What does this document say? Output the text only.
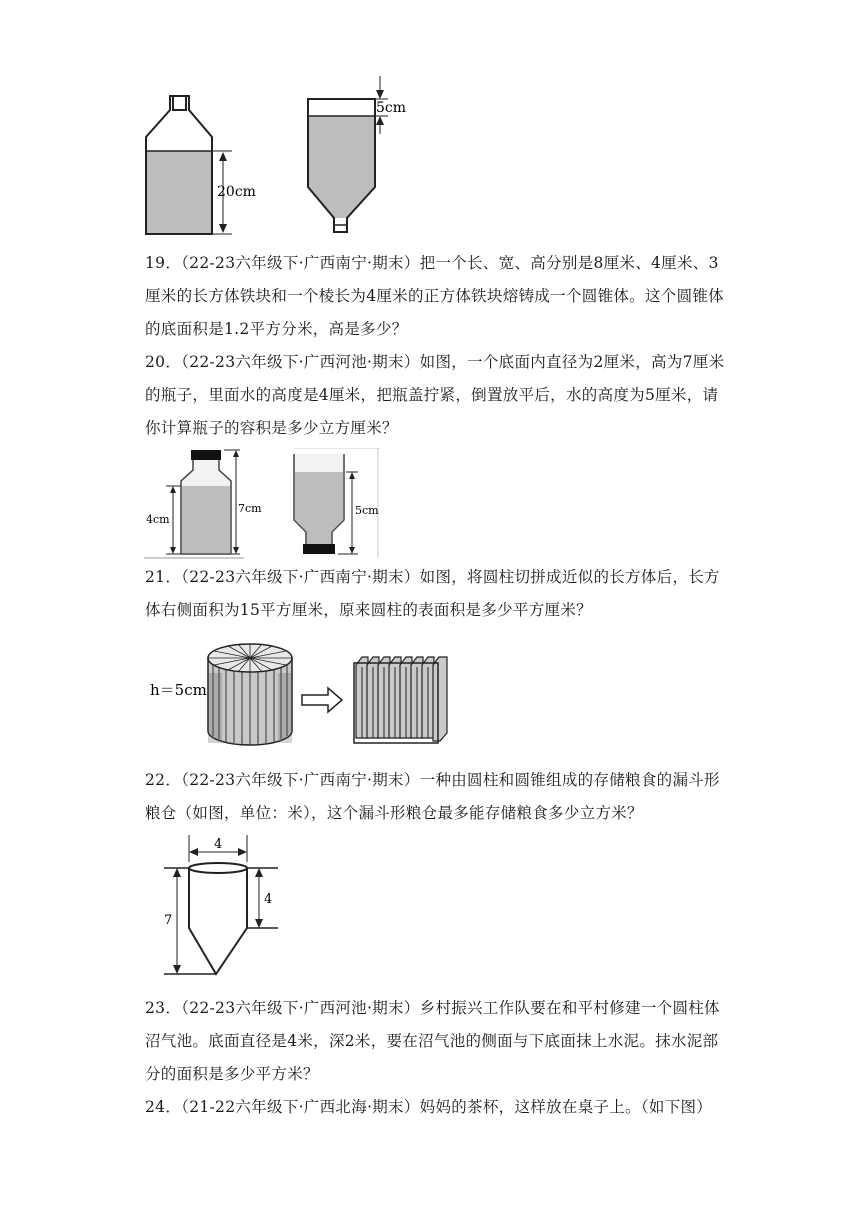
20cm
5cm

19．（22-23六年级下·广西南宁·期末）把一个长、宽、高分别是8厘米、4厘米、3厘米的长方体铁块和一个棱长为4厘米的正方体铁块熔铸成一个圆锥体。这个圆锥体的底面积是1.2平方分米，高是多少？

20．（22-23六年级下·广西河池·期末）如图，一个底面内直径为2厘米，高为7厘米的瓶子，里面水的高度是4厘米，把瓶盖拧紧，倒置放平后，水的高度为5厘米，请你计算瓶子的容积是多少立方厘米？

4cm
7cm	5cm

21．（22-23六年级下·广西南宁·期末）如图，将圆柱切拼成近似的长方体后，长方体右侧面积为15平方厘米，原来圆柱的表面积是多少平方厘米？

h＝5cm

22．（22-23六年级下·广西南宁·期末）一种由圆柱和圆锥组成的存储粮食的漏斗形粮仓（如图，单位：米），这个漏斗形粮仓最多能存储粮食多少立方米？

4
7
4

23．（22-23六年级下·广西河池·期末）乡村振兴工作队要在和平村修建一个圆柱体沼气池。底面直径是4米，深2米，要在沼气池的侧面与下底面抹上水泥。抹水泥部分的面积是多少平方米？

24．（21-22六年级下·广西北海·期末）妈妈的茶杯，这样放在桌子上。（如下图）
